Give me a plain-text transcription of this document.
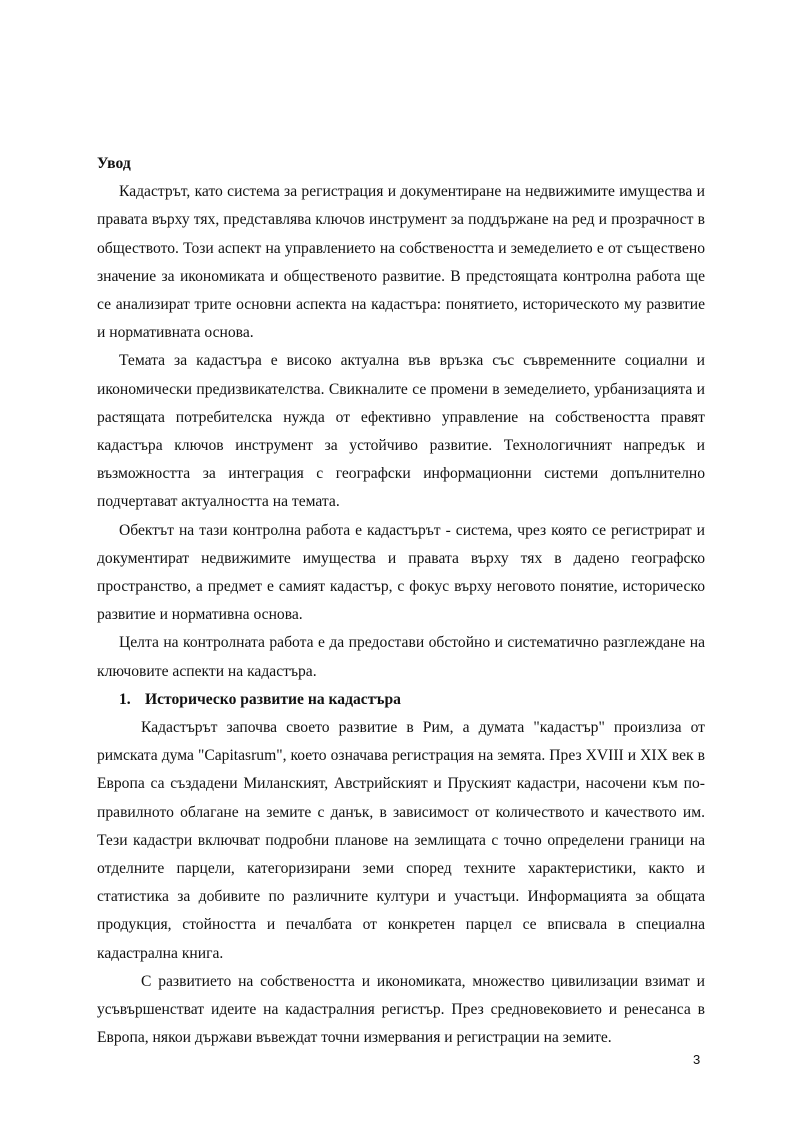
Увод

Кадастрът, като система за регистрация и документиране на недвижимите имущества и правата върху тях, представлява ключов инструмент за поддържане на ред и прозрачност в обществото. Този аспект на управлението на собствеността и земеделието е от съществено значение за икономиката и общественото развитие. В предстоящата контролна работа ще се анализират трите основни аспекта на кадастъра: понятието, историческото му развитие и нормативната основа.

Темата за кадастъра е високо актуална във връзка със съвременните социални и икономически предизвикателства. Свикналите се промени в земеделието, урбанизацията и растящата потребителска нужда от ефективно управление на собствеността правят кадастъра ключов инструмент за устойчиво развитие. Технологичният напредък и възможността за интеграция с географски информационни системи допълнително подчертават актуалността на темата.

Обектът на тази контролна работа е кадастърът - система, чрез която се регистрират и документират недвижимите имущества и правата върху тях в дадено географско пространство, а предмет е самият кадастър, с фокус върху неговото понятие, историческо развитие и нормативна основа.

Целта на контролната работа е да предостави обстойно и систематично разглеждане на ключовите аспекти на кадастъра.

1. Историческо развитие на кадастъра

Кадастърът започва своето развитие в Рим, а думата "кадастър" произлиза от римската дума "Capitasrum", което означава регистрация на земята. През XVIII и XIX век в Европа са създадени Миланският, Австрийският и Пруският кадастри, насочени към по-правилното облагане на земите с данък, в зависимост от количеството и качеството им. Тези кадастри включват подробни планове на землищата с точно определени граници на отделните парцели, категоризирани земи според техните характеристики, както и статистика за добивите по различните култури и участъци. Информацията за общата продукция, стойността и печалбата от конкретен парцел се вписвала в специална кадастрална книга.

С развитието на собствеността и икономиката, множество цивилизации взимат и усъвършенстват идеите на кадастралния регистър. През средновековието и ренесанса в Европа, някои държави въвеждат точни измервания и регистрации на земите.

3
